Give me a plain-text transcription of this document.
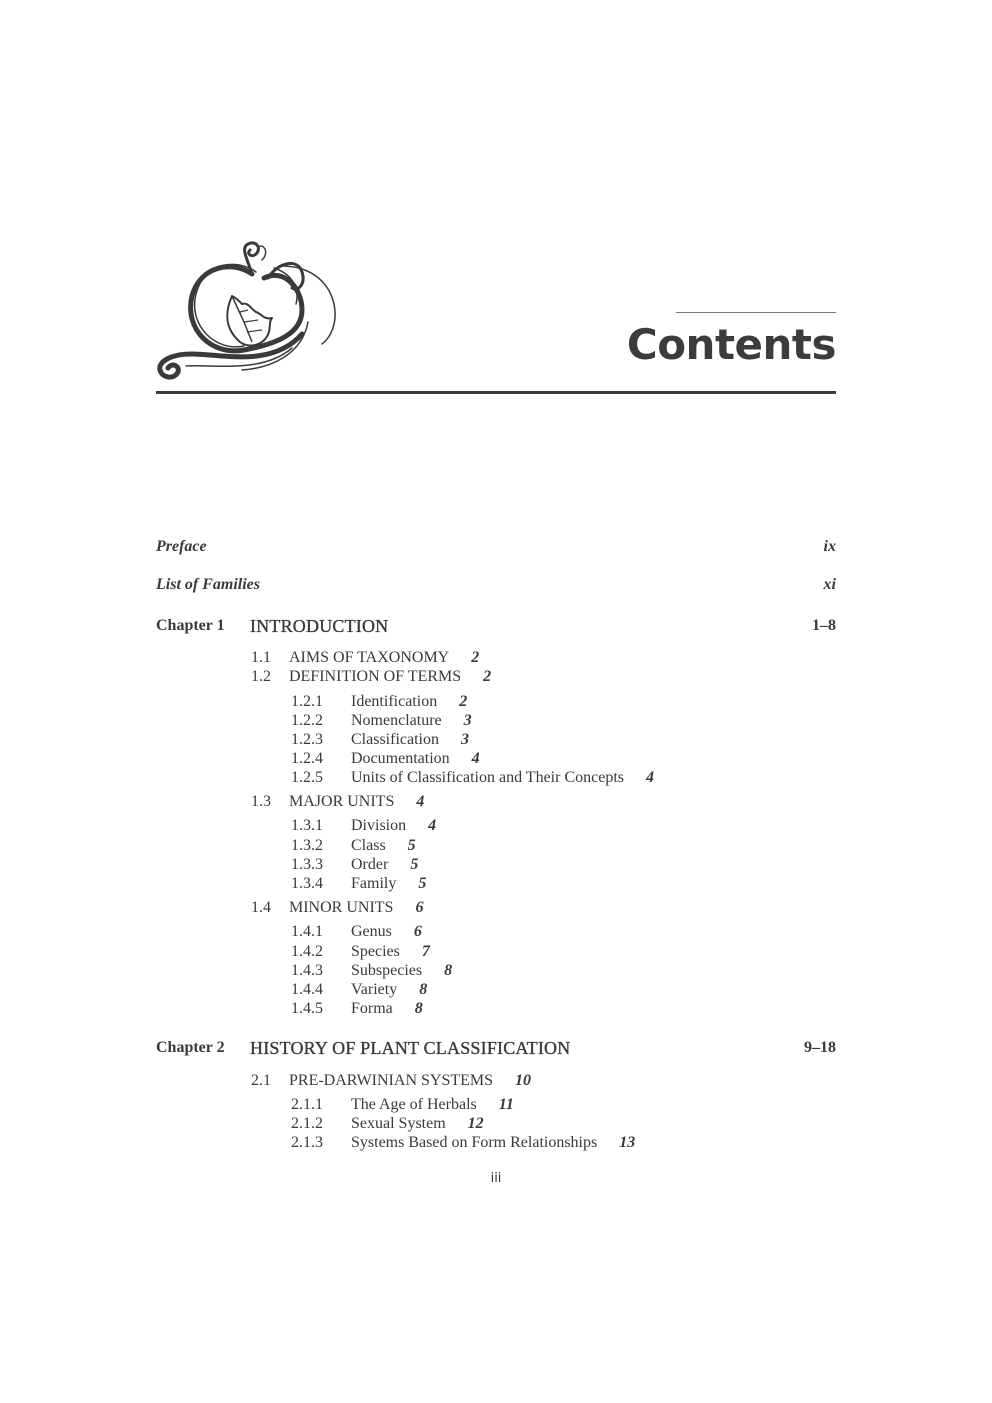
Contents
Preface	ix
List of Families	xi
Chapter 1 INTRODUCTION	1–8
1.1 AIMS OF TAXONOMY 2
1.2 DEFINITION OF TERMS 2
1.2.1 Identification 2
1.2.2 Nomenclature 3
1.2.3 Classification 3
1.2.4 Documentation 4
1.2.5 Units of Classification and Their Concepts 4
1.3 MAJOR UNITS 4
1.3.1 Division 4
1.3.2 Class 5
1.3.3 Order 5
1.3.4 Family 5
1.4 MINOR UNITS 6
1.4.1 Genus 6
1.4.2 Species 7
1.4.3 Subspecies 8
1.4.4 Variety 8
1.4.5 Forma 8
Chapter 2 HISTORY OF PLANT CLASSIFICATION	9–18
2.1 PRE-DARWINIAN SYSTEMS 10
2.1.1 The Age of Herbals 11
2.1.2 Sexual System 12
2.1.3 Systems Based on Form Relationships 13
iii
